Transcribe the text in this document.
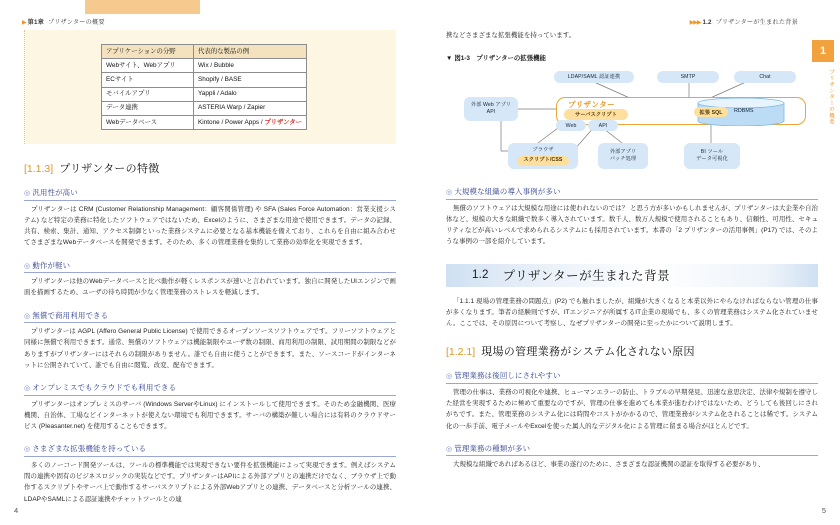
▶ 第1章 プリザンターの概要
アプリケーションの分野	代表的な製品の例
Webサイト、Webアプリ	Wix / Bubble
ECサイト	Shopify / BASE
モバイルアプリ	Yappli / Adalo
データ連携	ASTERIA Warp / Zapier
Webデータベース	Kintone / Power Apps / プリザンター
[1.1.3] プリザンターの特徴
◎ 汎用性が高い

プリザンターは CRM (Customer Relationship Management：顧客関係管理) や SFA (Sales Force Automation：営業支援システム) など特定の業務に特化したソフトウェアではないため、Excelのように、さまざまな用途で使用できます。データの記録、共有、検索、集計、通知、アクセス制御といった業務システムに必要となる基本機能を備えており、これらを自由に組み合わせてさまざまなWebデータベースを開発できます。そのため、多くの管理業務を集約して業務の効率化を実現できます。

◎ 動作が軽い

プリザンターは他のWebデータベースと比べ動作が軽くレスポンスが速いと言われています。独自に開発したUIエンジンで画面を描画するため、ユーザの待ち時間が少なく管理業務のストレスを軽減します。

◎ 無償で商用利用できる

プリザンターは AGPL (Affero General Public License) で使用できるオープンソースソフトウェアです。フリーソフトウェアと同様に無償で利用できます。通常、無償のソフトウェアは機能制限やユーザ数の制限、商用利用の制限、試用期間の制限などがありますがプリザンターにはそれらの制限がありません。誰でも自由に使うことができます。また、ソースコードがインターネットに公開されていて、誰でも自由に閲覧、改変、配布できます。

◎ オンプレミスでもクラウドでも利用できる

プリザンターはオンプレミスのサーバ (Windows ServerやLinux) にインストールして使用できます。そのため金融機関、医療機関、自治体、工場などインターネットが使えない環境でも利用できます。サーバの構築が難しい場合には有料のクラウドサービス (Pleasanter.net) を使用することもできます。

◎ さまざまな拡張機能を持っている

多くのノーコード開発ツールは、ツールの標準機能では実現できない要件を拡張機能によって実現できます。例えばシステム間の連携や固有のビジネスロジックの実装などです。プリザンターはAPIによる外部アプリとの連携だけでなく、ブラウザ上で動作するスクリプトやサーバ上で動作するサーバスクリプトによる外部Webアプリとの連携、データベースと分析ツールの連携、LDAPやSAMLによる認証連携やチャットツールとの連

4
▶▶▶ 1.2 プリザンターが生まれた背景
1
プリザンターの概要

携などさまざまな拡張機能を持っています。

▼ 図1-3　プリザンターの拡張機能
LDAP/SAML 認証連携	SMTP	Chat
プリザンター
サーバスクリプト
Web	API
拡張 SQL	RDBMS
外部 Web アプリ
API
ブラウザ
スクリプト/CSS
外部アプリ
バッチ処理
BI ツール
データ可視化
◎ 大規模な組織の導入事例が多い

無償のソフトウェアは大規模な用途には使われないのでは？ と思う方が多いかもしれませんが、プリザンターは大企業や自治体など、規模の大きな組織で数多く導入されています。数千人、数万人規模で使用されることもあり、信頼性、可用性、セキュリティなどが高いレベルで求められるシステムにも採用されています。本書の「2 プリザンターの活用事例」(P17) では、そのような事例の一部を紹介しています。

1.2 プリザンターが生まれた背景

「1.1.1 現場の管理業務の問題点」(P2) でも触れましたが、組織が大きくなると本業以外にやらなければならない管理の仕事が多くなります。筆者の経験則ですが、ITエンジニアが所属するIT企業の現場でも、多くの管理業務はシステム化されていません。ここでは、その原因について考察し、なぜプリザンターの開発に至ったかについて説明します。

[1.2.1] 現場の管理業務がシステム化されない原因
◎ 管理業務は後回しにされやすい

管理の仕事は、業務の可視化や連携、ヒューマンエラーの防止、トラブルの早期発見、迅速な意思決定、法律や規制を遵守した経営を実現するために極めて重要なのですが、管理の仕事を進めても本業が進むわけではないため、どうしても後回しにされがちです。また、管理業務のシステム化には時間やコストがかかるので、管理業務がシステム化されることは稀です。システム化の一歩手前、電子メールやExcelを使った属人的なデジタル化による管理に留まる場合がほとんどです。

◎ 管理業務の種類が多い

大規模な組織であればあるほど、事業の遂行のために、さまざまな認証機関の認証を取得する必要があり、

5
